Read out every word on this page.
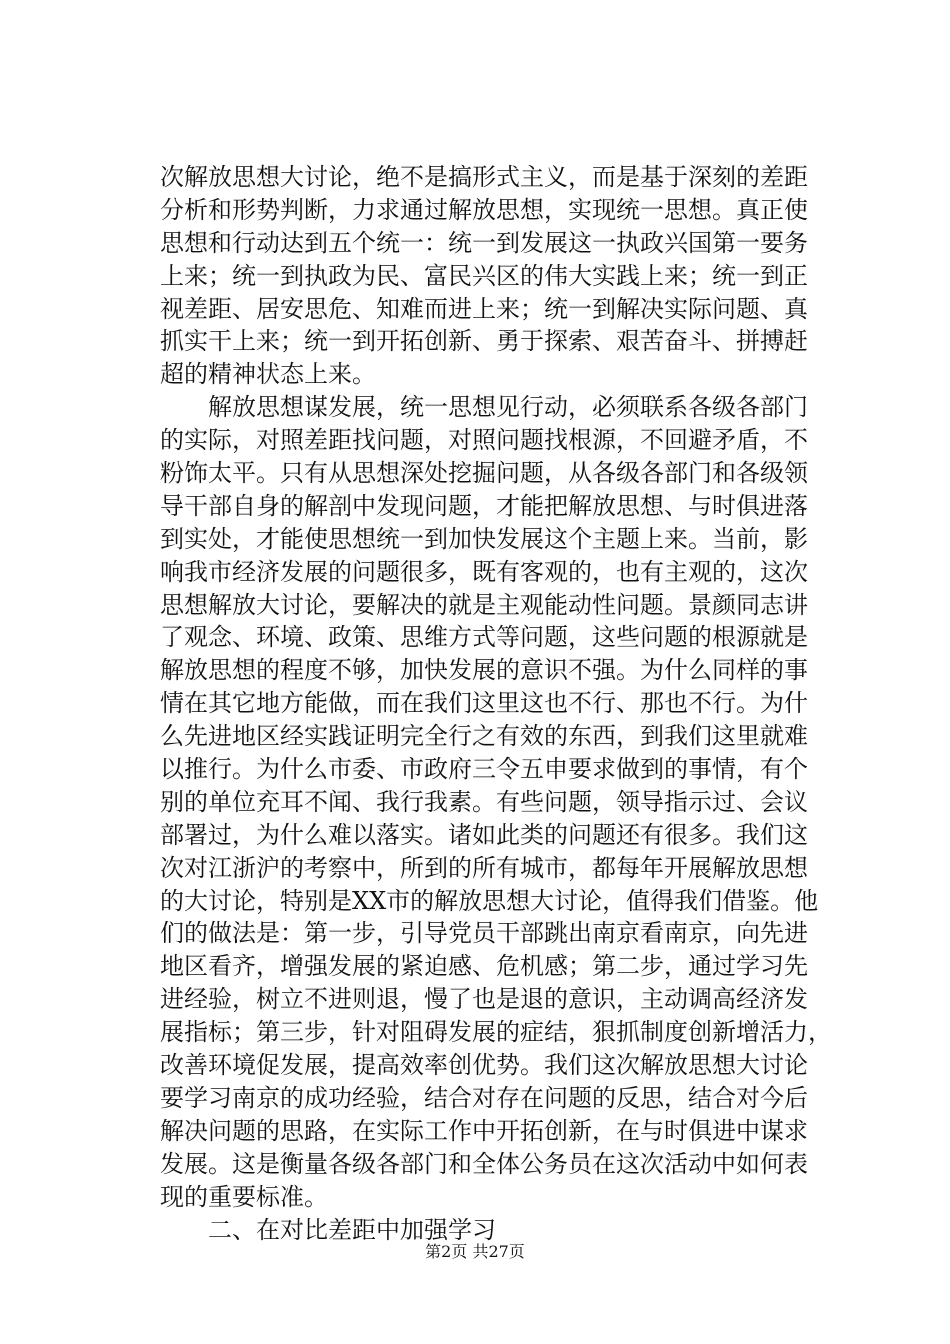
次解放思想大讨论，绝不是搞形式主义，而是基于深刻的差距
分析和形势判断，力求通过解放思想，实现统一思想。真正使
思想和行动达到五个统一：统一到发展这一执政兴国第一要务
上来；统一到执政为民、富民兴区的伟大实践上来；统一到正
视差距、居安思危、知难而进上来；统一到解决实际问题、真
抓实干上来；统一到开拓创新、勇于探索、艰苦奋斗、拼搏赶
超的精神状态上来。
解放思想谋发展，统一思想见行动，必须联系各级各部门
的实际，对照差距找问题，对照问题找根源，不回避矛盾，不
粉饰太平。只有从思想深处挖掘问题，从各级各部门和各级领
导干部自身的解剖中发现问题，才能把解放思想、与时俱进落
到实处，才能使思想统一到加快发展这个主题上来。当前，影
响我市经济发展的问题很多，既有客观的，也有主观的，这次
思想解放大讨论，要解决的就是主观能动性问题。景颜同志讲
了观念、环境、政策、思维方式等问题，这些问题的根源就是
解放思想的程度不够，加快发展的意识不强。为什么同样的事
情在其它地方能做，而在我们这里这也不行、那也不行。为什
么先进地区经实践证明完全行之有效的东西，到我们这里就难
以推行。为什么市委、市政府三令五申要求做到的事情，有个
别的单位充耳不闻、我行我素。有些问题，领导指示过、会议
部署过，为什么难以落实。诸如此类的问题还有很多。我们这
次对江浙沪的考察中，所到的所有城市，都每年开展解放思想
的大讨论，特别是XX市的解放思想大讨论，值得我们借鉴。他
们的做法是：第一步，引导党员干部跳出南京看南京，向先进
地区看齐，增强发展的紧迫感、危机感；第二步，通过学习先
进经验，树立不进则退，慢了也是退的意识，主动调高经济发
展指标；第三步，针对阻碍发展的症结，狠抓制度创新增活力，
改善环境促发展，提高效率创优势。我们这次解放思想大讨论
要学习南京的成功经验，结合对存在问题的反思，结合对今后
解决问题的思路，在实际工作中开拓创新，在与时俱进中谋求
发展。这是衡量各级各部门和全体公务员在这次活动中如何表
现的重要标准。
二、在对比差距中加强学习
第2页 共27页
